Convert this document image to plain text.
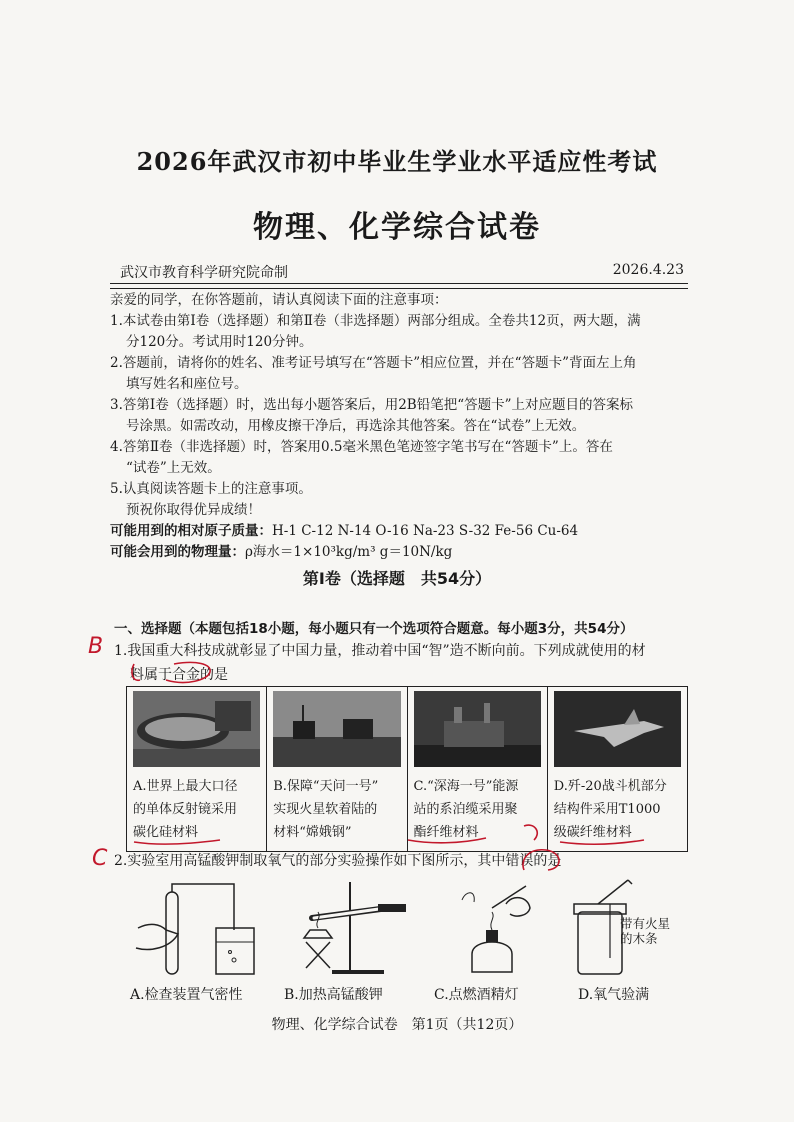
2026年武汉市初中毕业生学业水平适应性考试
物理、化学综合试卷
武汉市教育科学研究院命制	2026.4.23

亲爱的同学，在你答题前，请认真阅读下面的注意事项：

1.本试卷由第Ⅰ卷（选择题）和第Ⅱ卷（非选择题）两部分组成。全卷共12页，两大题，满

分120分。考试用时120分钟。

2.答题前，请将你的姓名、准考证号填写在“答题卡”相应位置，并在“答题卡”背面左上角

填写姓名和座位号。

3.答第Ⅰ卷（选择题）时，选出每小题答案后，用2B铅笔把“答题卡”上对应题目的答案标

号涂黑。如需改动，用橡皮擦干净后，再选涂其他答案。答在“试卷”上无效。

4.答第Ⅱ卷（非选择题）时，答案用0.5毫米黑色笔迹签字笔书写在“答题卡”上。答在

“试卷”上无效。

5.认真阅读答题卡上的注意事项。

预祝你取得优异成绩！

可能用到的相对原子质量：H-1 C-12 N-14 O-16 Na-23 S-32 Fe-56 Cu-64

可能会用到的物理量：ρ海水＝1×10³kg/m³ g＝10N/kg

第Ⅰ卷（选择题　共54分）
一、选择题（本题包括18小题，每小题只有一个选项符合题意。每小题3分，共54分）
B 1.我国重大科技成就彰显了中国力量，推动着中国“智”造不断向前。下列成就使用的材

料属于合金的是

A.世界上最大口径
的单体反射镜采用
碳化硅材料
B.保障“天问一号”
实现火星软着陆的
材料“嫦娥钢”
C.“深海一号”能源
站的系泊缆采用聚
酯纤维材料
D.歼-20战斗机部分
结构件采用T1000
级碳纤维材料
C 2.实验室用高锰酸钾制取氧气的部分实验操作如下图所示，其中错误的是
带有火星
的木条
A.检查装置气密性	B.加热高锰酸钾	C.点燃酒精灯	D.氧气验满
物理、化学综合试卷　第1页（共12页）
